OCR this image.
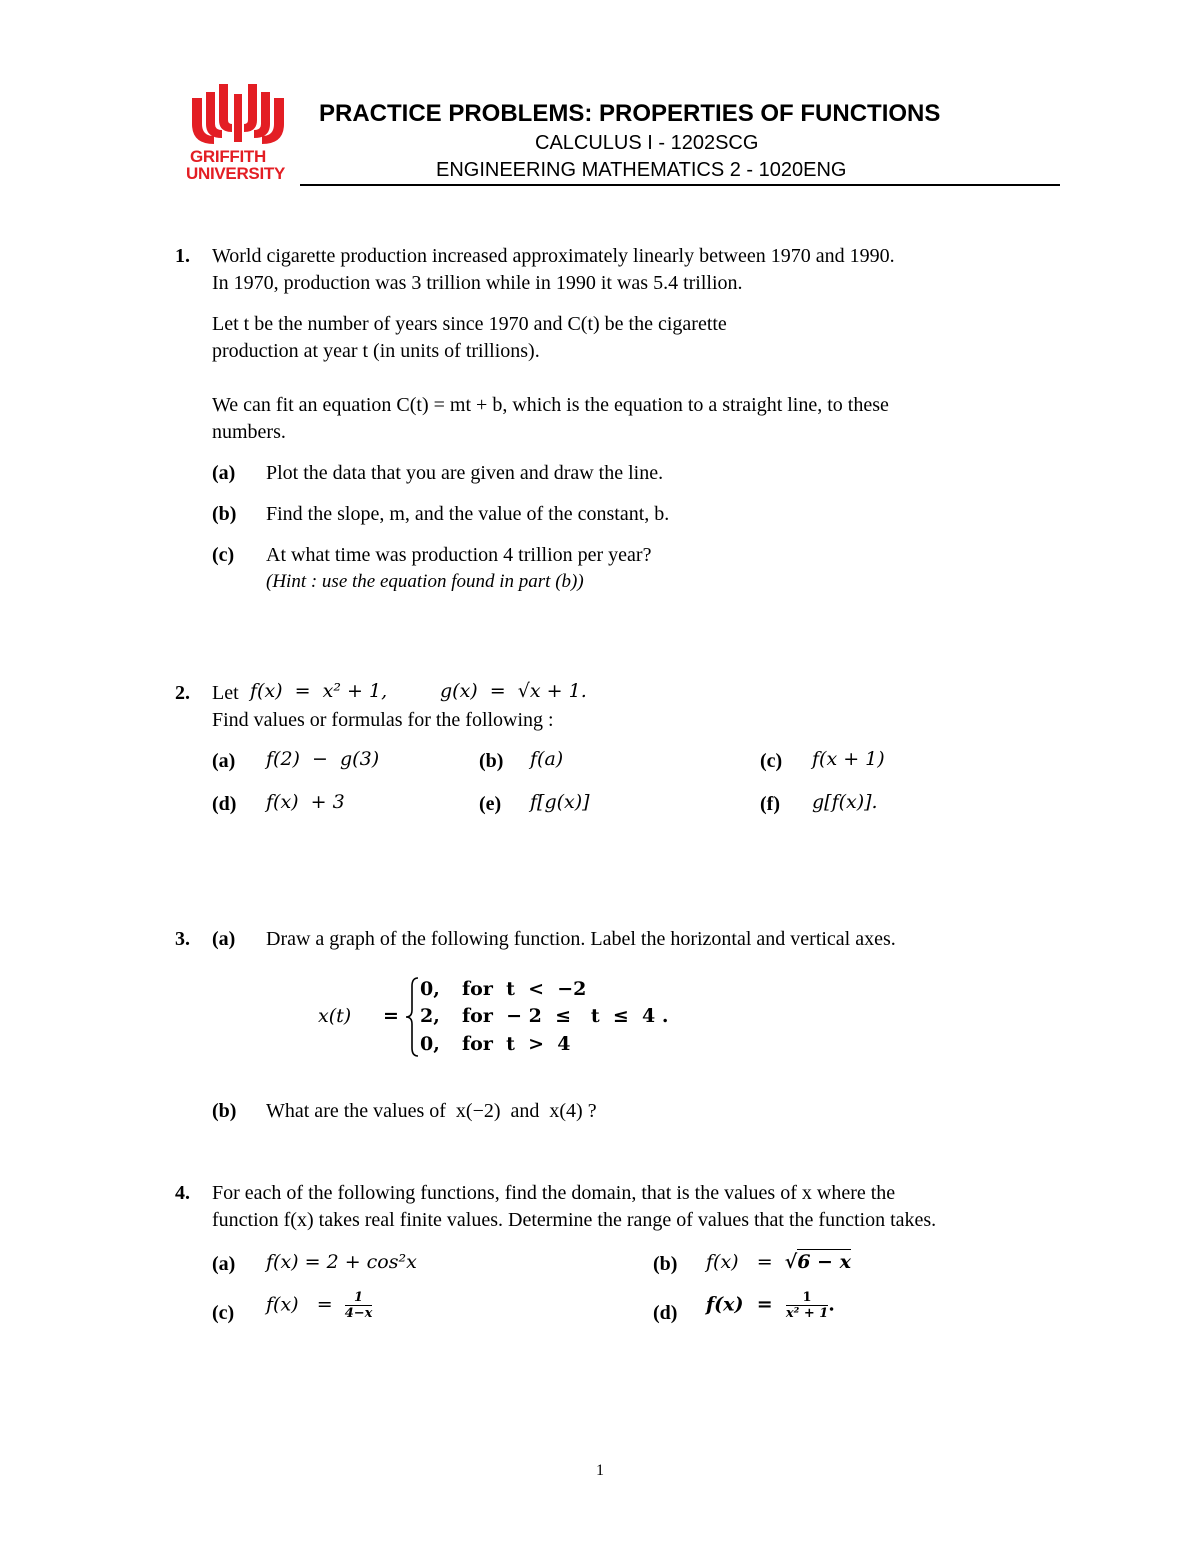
GRIFFITH
UNIVERSITY
PRACTICE PROBLEMS: PROPERTIES OF FUNCTIONS
CALCULUS I - 1202SCG
ENGINEERING MATHEMATICS 2 - 1020ENG
1. World cigarette production increased approximately linearly between 1970 and 1990.
In 1970, production was 3 trillion while in 1990 it was 5.4 trillion.
Let t be the number of years since 1970 and C(t) be the cigarette
production at year t (in units of trillions).
We can fit an equation C(t) = mt + b, which is the equation to a straight line, to these
numbers.
(a) Plot the data that you are given and draw the line.
(b) Find the slope, m, and the value of the constant, b.
(c) At what time was production 4 trillion per year?
(Hint : use the equation found in part (b))
2. Let f(x)  =  x² + 1,	g(x)  =  √x + 1.
Find values or formulas for the following :
(a) f(2)  −  g(3)	(b) f(a)	(c) f(x + 1)
(d) f(x)  + 3	(e) f[g(x)]	(f) g[f(x)].
3. (a) Draw a graph of the following function. Label the horizontal and vertical axes.
x(t) =
0, for  t  <  −2
2, for  − 2  ≤   t  ≤  4 .
0, for  t  >  4
(b) What are the values of  x(−2)  and  x(4) ?
4. For each of the following functions, find the domain, that is the values of x where the
function f(x) takes real finite values. Determine the range of values that the function takes.
(a) f(x) = 2 + cos²x	(b) f(x)   =  √6 − x
(c) $f(x) = \frac{1}{4-x}$	(d) $f(x) = \frac{1}{\text{x² + 1}}$ .
1
